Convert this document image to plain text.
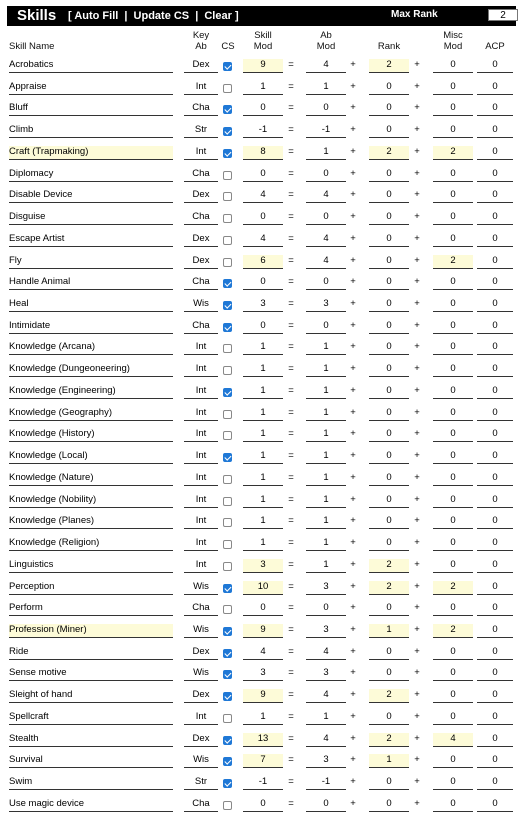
Skills [ Auto Fill | Update CS | Clear ]	Max Rank	2
Skill Name
Key Ab	CS
Skill Mod
Ab Mod	Rank
Misc Mod	ACP
Acrobatics	Dex	9	=	4	+	2	+	0	0
Appraise	Int	1	=	1	+	0	+	0	0
Bluff	Cha	0	=	0	+	0	+	0	0
Climb	Str	-1	=	-1	+	0	+	0	0
Craft (Trapmaking)	Int	8	=	1	+	2	+	2	0
Diplomacy	Cha	0	=	0	+	0	+	0	0
Disable Device	Dex	4	=	4	+	0	+	0	0
Disguise	Cha	0	=	0	+	0	+	0	0
Escape Artist	Dex	4	=	4	+	0	+	0	0
Fly	Dex	6	=	4	+	0	+	2	0
Handle Animal	Cha	0	=	0	+	0	+	0	0
Heal	Wis	3	=	3	+	0	+	0	0
Intimidate	Cha	0	=	0	+	0	+	0	0
Knowledge (Arcana)	Int	1	=	1	+	0	+	0	0
Knowledge (Dungeoneering)	Int	1	=	1	+	0	+	0	0
Knowledge (Engineering)	Int	1	=	1	+	0	+	0	0
Knowledge (Geography)	Int	1	=	1	+	0	+	0	0
Knowledge (History)	Int	1	=	1	+	0	+	0	0
Knowledge (Local)	Int	1	=	1	+	0	+	0	0
Knowledge (Nature)	Int	1	=	1	+	0	+	0	0
Knowledge (Nobility)	Int	1	=	1	+	0	+	0	0
Knowledge (Planes)	Int	1	=	1	+	0	+	0	0
Knowledge (Religion)	Int	1	=	1	+	0	+	0	0
Linguistics	Int	3	=	1	+	2	+	0	0
Perception	Wis	10	=	3	+	2	+	2	0
Perform	Cha	0	=	0	+	0	+	0	0
Profession (Miner)	Wis	9	=	3	+	1	+	2	0
Ride	Dex	4	=	4	+	0	+	0	0
Sense motive	Wis	3	=	3	+	0	+	0	0
Sleight of hand	Dex	9	=	4	+	2	+	0	0
Spellcraft	Int	1	=	1	+	0	+	0	0
Stealth	Dex	13	=	4	+	2	+	4	0
Survival	Wis	7	=	3	+	1	+	0	0
Swim	Str	-1	=	-1	+	0	+	0	0
Use magic device	Cha	0	=	0	+	0	+	0	0
